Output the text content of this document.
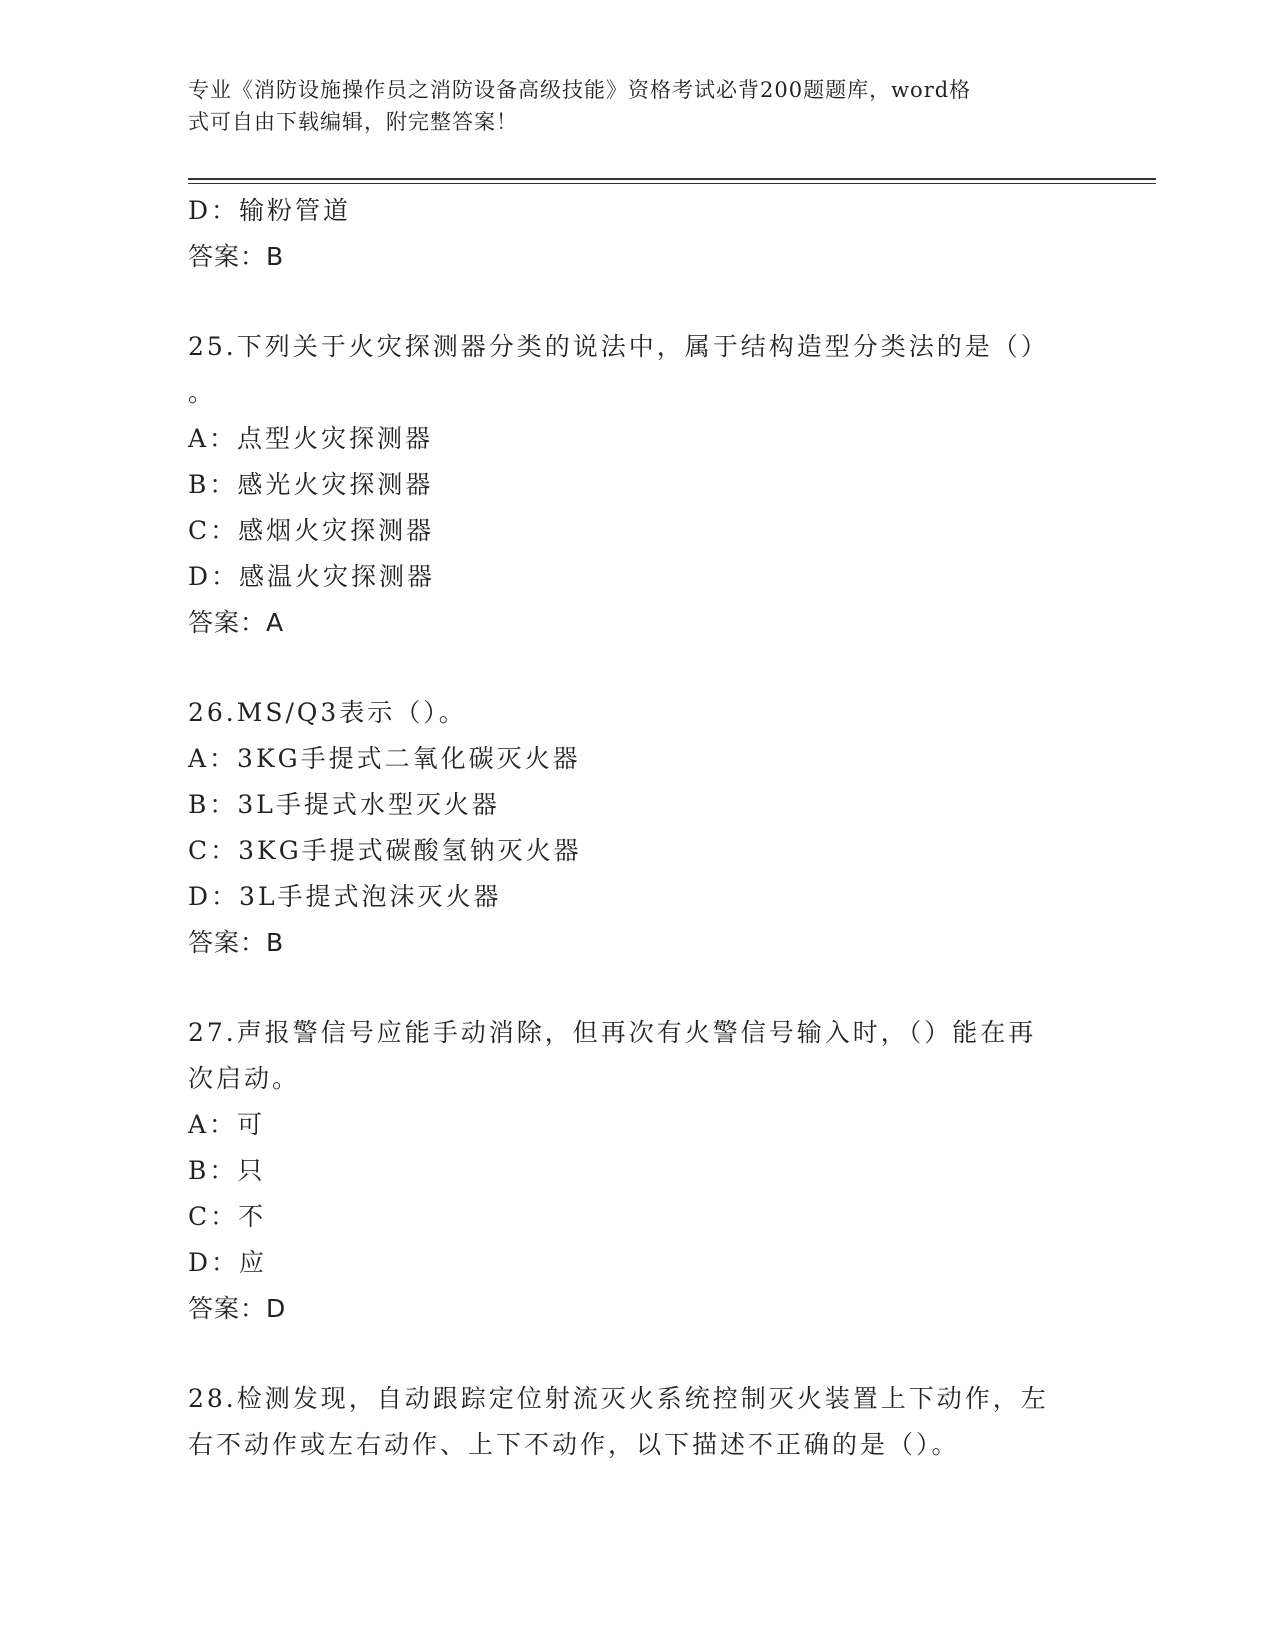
专业《消防设施操作员之消防设备高级技能》资格考试必背200题题库，word格
式可自由下载编辑，附完整答案！
D：输粉管道
答案：B
25.下列关于火灾探测器分类的说法中，属于结构造型分类法的是（）
。
A：点型火灾探测器
B：感光火灾探测器
C：感烟火灾探测器
D：感温火灾探测器
答案：A
26.MS/Q3表示（）。
A：3KG手提式二氧化碳灭火器
B：3L手提式水型灭火器
C：3KG手提式碳酸氢钠灭火器
D：3L手提式泡沫灭火器
答案：B
27.声报警信号应能手动消除，但再次有火警信号输入时，（）能在再
次启动。
A：可
B：只
C：不
D：应
答案：D
28.检测发现，自动跟踪定位射流灭火系统控制灭火装置上下动作，左
右不动作或左右动作、上下不动作，以下描述不正确的是（）。
